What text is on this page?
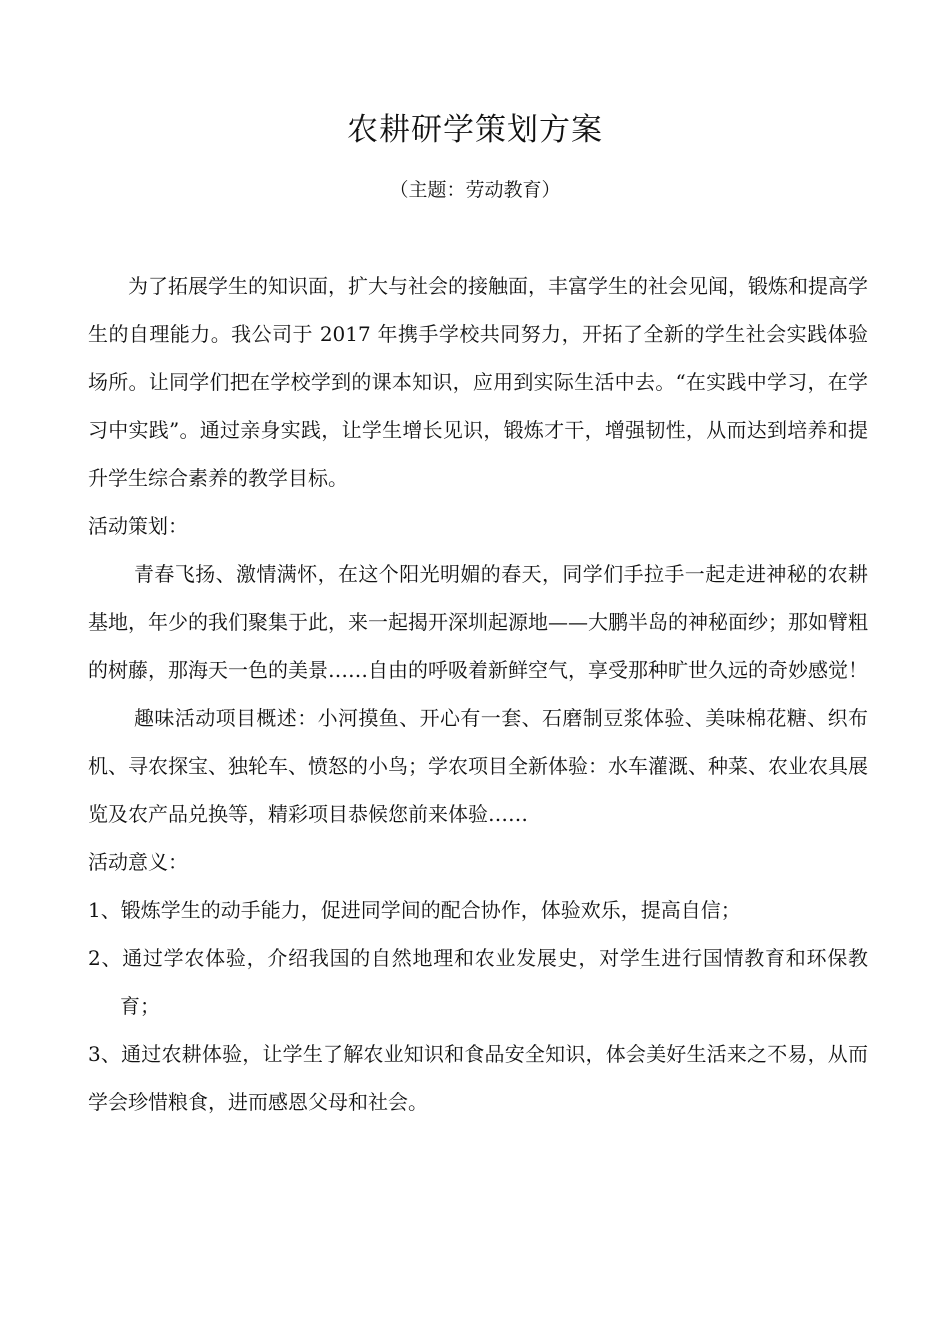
农耕研学策划方案
（主题：劳动教育）

为了拓展学生的知识面，扩大与社会的接触面，丰富学生的社会见闻，锻炼和提高学生的自理能力。我公司于 2017 年携手学校共同努力，开拓了全新的学生社会实践体验场所。让同学们把在学校学到的课本知识，应用到实际生活中去。“在实践中学习，在学习中实践”。通过亲身实践，让学生增长见识，锻炼才干，增强韧性，从而达到培养和提升学生综合素养的教学目标。

活动策划：

青春飞扬、激情满怀，在这个阳光明媚的春天，同学们手拉手一起走进神秘的农耕基地，年少的我们聚集于此，来一起揭开深圳起源地——大鹏半岛的神秘面纱；那如臂粗的树藤，那海天一色的美景……自由的呼吸着新鲜空气，享受那种旷世久远的奇妙感觉！

趣味活动项目概述：小河摸鱼、开心有一套、石磨制豆浆体验、美味棉花糖、织布机、寻农探宝、独轮车、愤怒的小鸟；学农项目全新体验：水车灌溉、种菜、农业农具展览及农产品兑换等，精彩项目恭候您前来体验……

活动意义：

1、锻炼学生的动手能力，促进同学间的配合协作，体验欢乐，提高自信；

2、通过学农体验，介绍我国的自然地理和农业发展史，对学生进行国情教育和环保教育；

3、通过农耕体验，让学生了解农业知识和食品安全知识，体会美好生活来之不易，从而学会珍惜粮食，进而感恩父母和社会。
